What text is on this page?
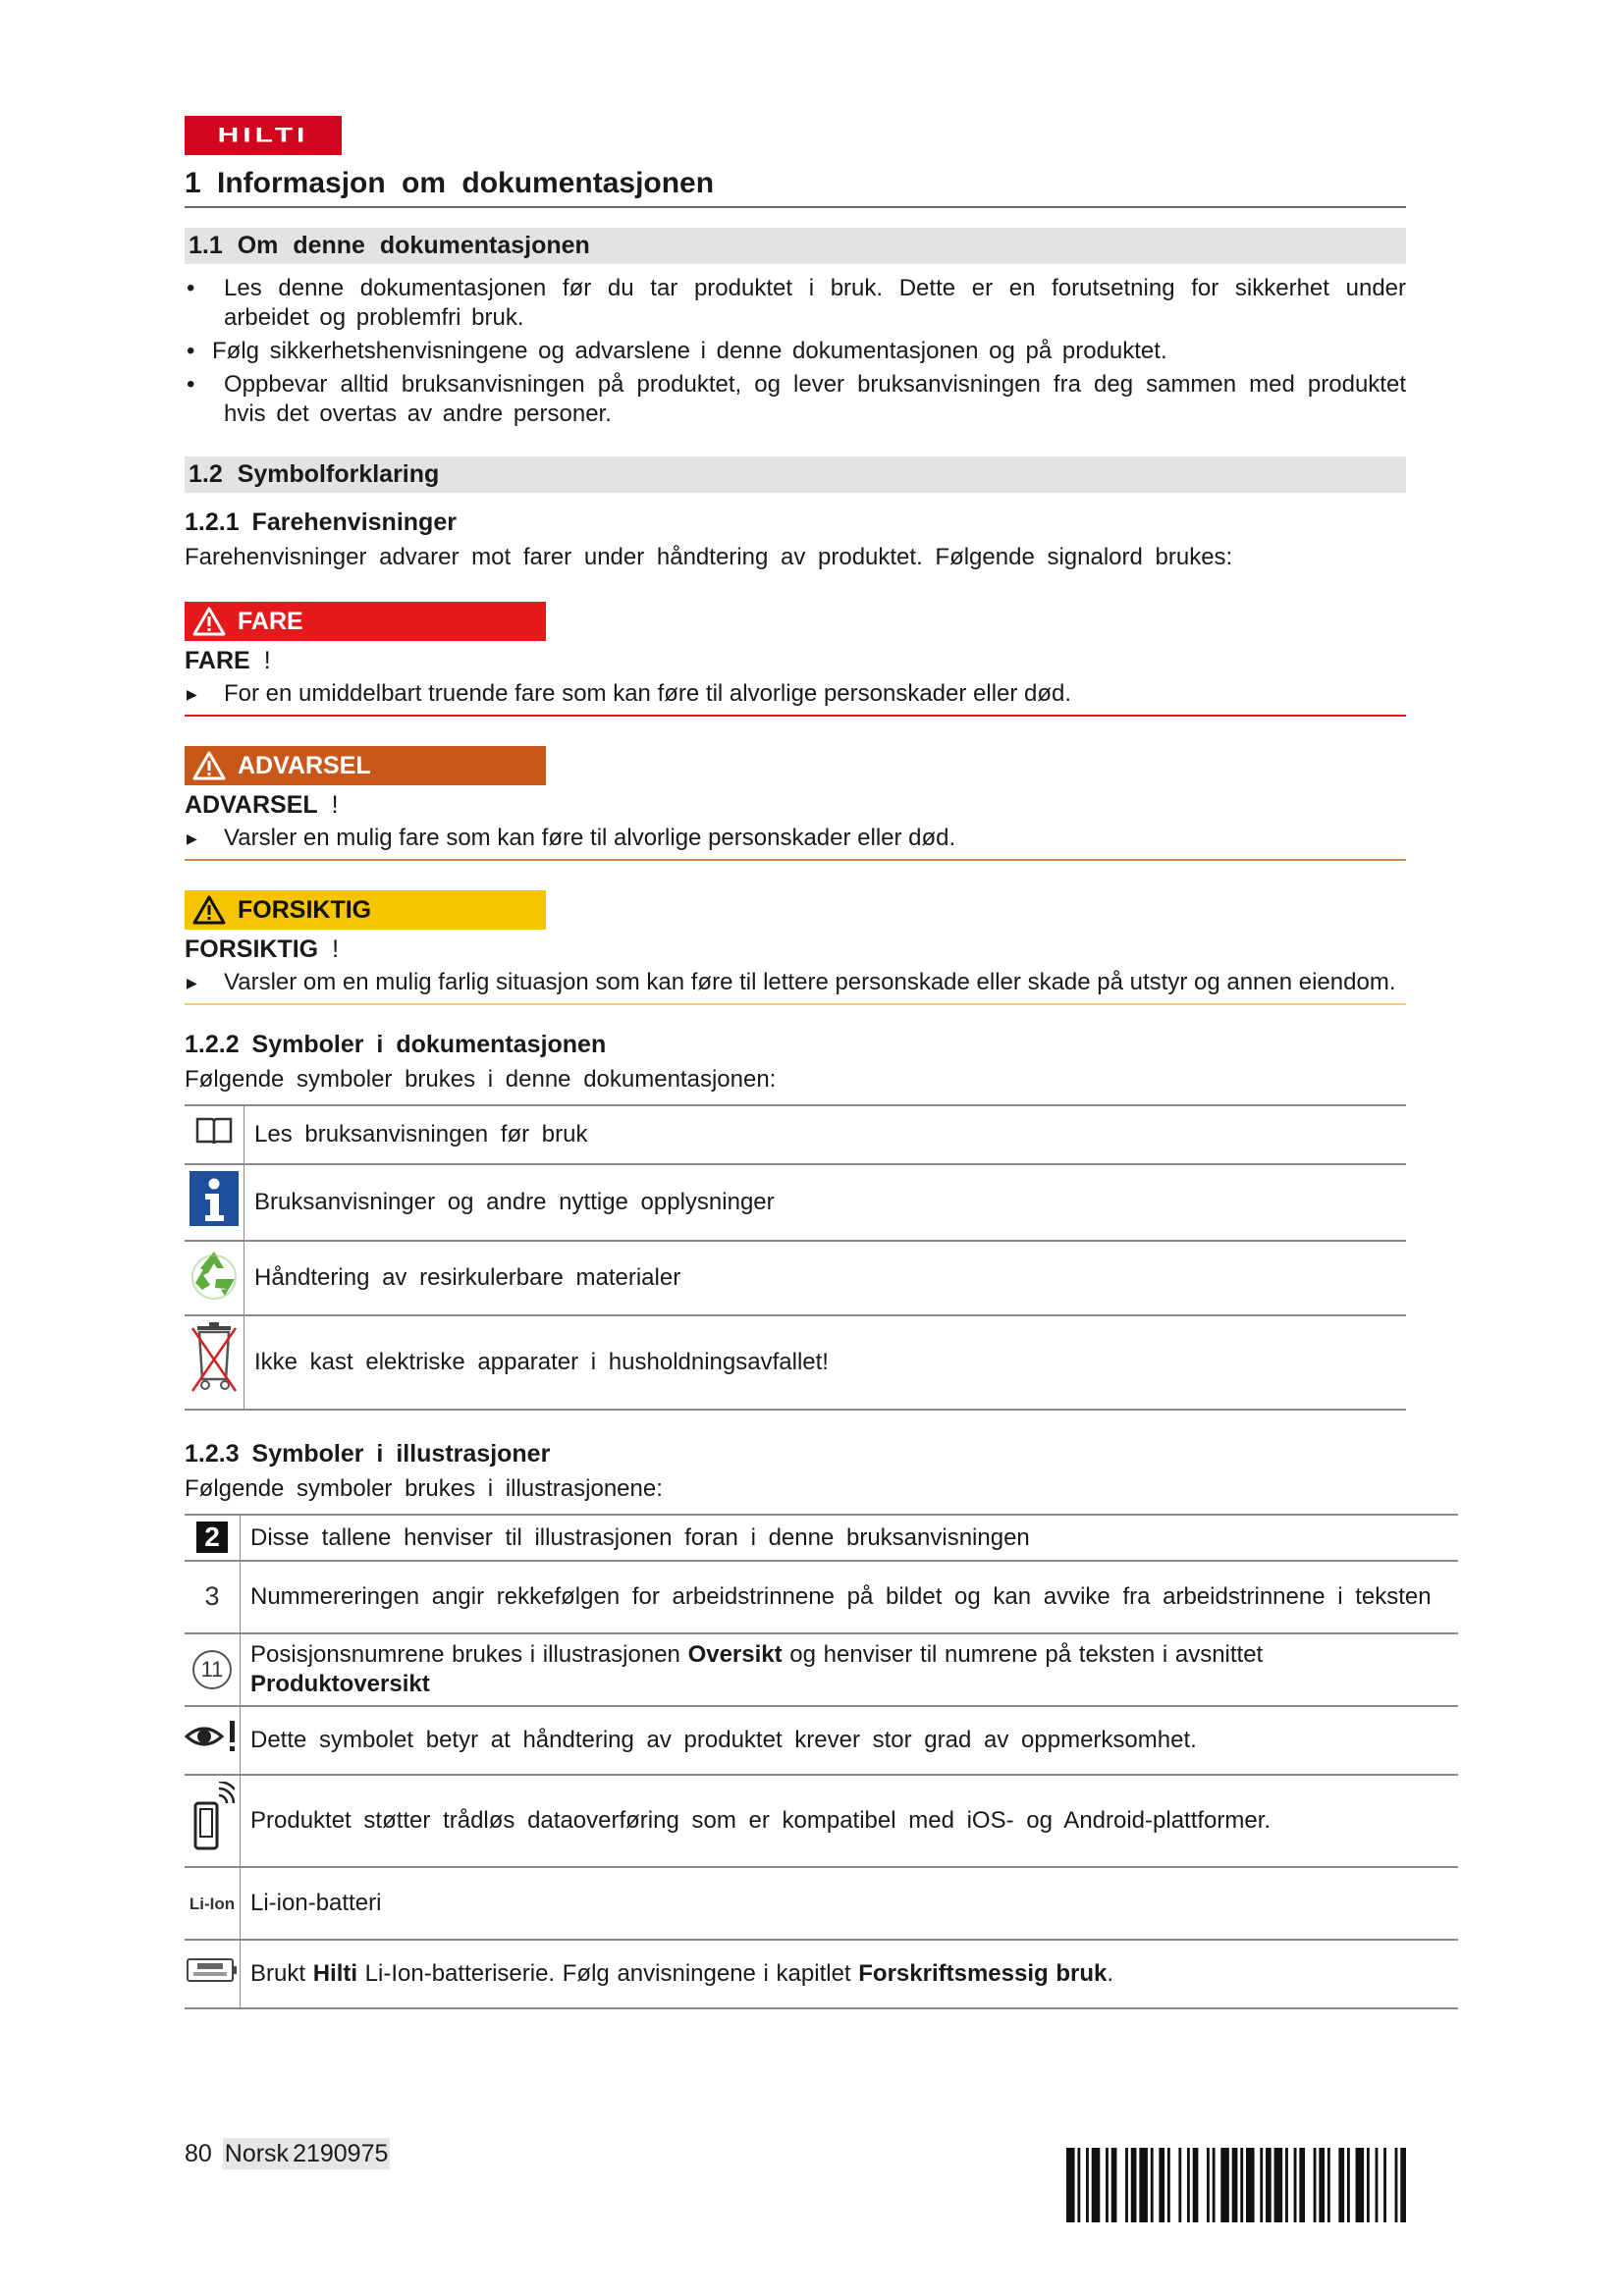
HILTI
1 Informasjon om dokumentasjonen
1.1 Om denne dokumentasjonen
• Les denne dokumentasjonen før du tar produktet i bruk. Dette er en forutsetning for sikkerhet under arbeidet og problemfri bruk.
• Følg sikkerhetshenvisningene og advarslene i denne dokumentasjonen og på produktet.
• Oppbevar alltid bruksanvisningen på produktet, og lever bruksanvisningen fra deg sammen med produktet hvis det overtas av andre personer.
1.2 Symbolforklaring
1.2.1 Farehenvisninger

Farehenvisninger advarer mot farer under håndtering av produktet. Følgende signalord brukes:

FARE
FARE !
▶ For en umiddelbart truende fare som kan føre til alvorlige personskader eller død.
ADVARSEL
ADVARSEL !
▶ Varsler en mulig fare som kan føre til alvorlige personskader eller død.
FORSIKTIG
FORSIKTIG !
▶ Varsler om en mulig farlig situasjon som kan føre til lettere personskade eller skade på utstyr og annen eiendom.
1.2.2 Symboler i dokumentasjonen

Følgende symboler brukes i denne dokumentasjonen:

	Les bruksanvisningen før bruk
	Bruksanvisninger og andre nyttige opplysninger
	Håndtering av resirkulerbare materialer
	Ikke kast elektriske apparater i husholdningsavfallet!
1.2.3 Symboler i illustrasjoner

Følgende symboler brukes i illustrasjonene:

2	Disse tallene henviser til illustrasjonen foran i denne bruksanvisningen
3	Nummereringen angir rekkefølgen for arbeidstrinnene på bildet og kan avvike fra arbeidstrinnene i teksten

11	Posisjonsnumrene brukes i illustrasjonen Oversikt og henviser til numrene på teksten i avsnittet Produktoversikt
	Dette symbolet betyr at håndtering av produktet krever stor grad av oppmerksomhet.
	Produktet støtter trådløs dataoverføring som er kompatibel med iOS- og Android-plattformer.
Li-Ion	Li-ion-batteri
	Brukt Hilti Li-Ion-batteriserie. Følg anvisningene i kapitlet Forskriftsmessig bruk.
80 Norsk 2190975
